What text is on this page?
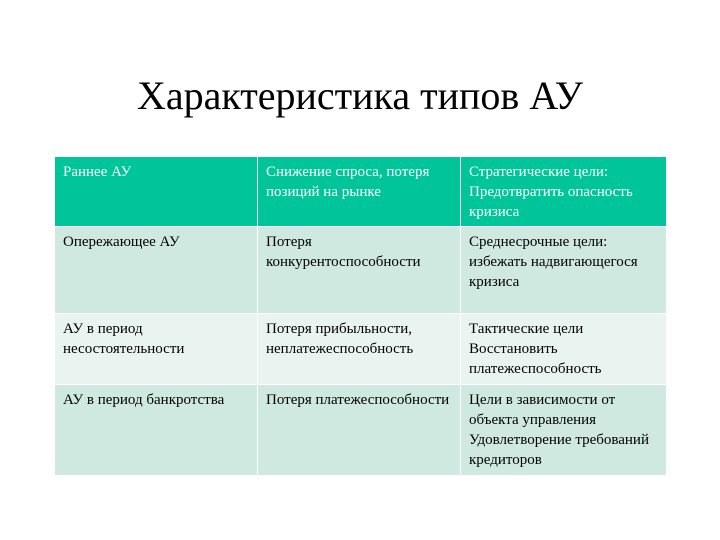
Характеристика типов АУ
Раннее АУ	Снижение спроса, потеря позиций на рынке	Стратегические цели: Предотвратить опасность кризиса
Опережающее АУ	Потеря конкурентоспособности	Среднесрочные цели: избежать надвигающегося кризиса
АУ в период несостоятельности	Потеря прибыльности, неплатежеспособность	Тактические цели Восстановить платежеспособность
АУ в период банкротства	Потеря платежеспособности	Цели в зависимости от объекта управления Удовлетворение требований кредиторов
